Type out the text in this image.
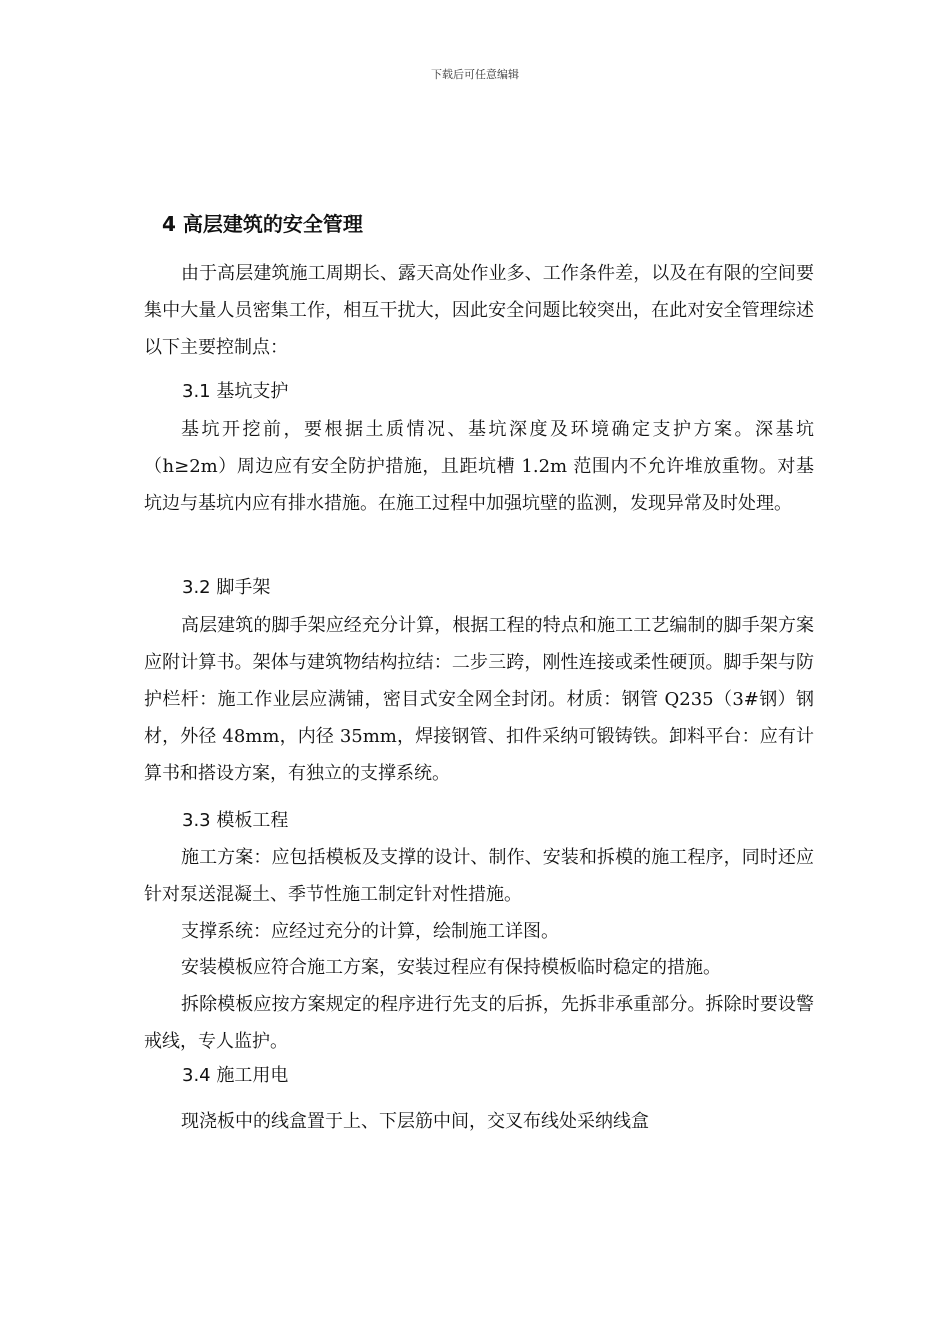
下载后可任意编辑
4 高层建筑的安全管理
由于高层建筑施工周期长、露天高处作业多、工作条件差，以及在有限的空间要集中大量人员密集工作，相互干扰大，因此安全问题比较突出，在此对安全管理综述以下主要控制点：
3.1 基坑支护
基坑开挖前，要根据土质情况、基坑深度及环境确定支护方案。深基坑（h≥2m）周边应有安全防护措施，且距坑槽 1.2m 范围内不允许堆放重物。对基坑边与基坑内应有排水措施。在施工过程中加强坑壁的监测，发现异常及时处理。
3.2 脚手架
高层建筑的脚手架应经充分计算，根据工程的特点和施工工艺编制的脚手架方案应附计算书。架体与建筑物结构拉结：二步三跨，刚性连接或柔性硬顶。脚手架与防护栏杆：施工作业层应满铺，密目式安全网全封闭。材质：钢管 Q235（3#钢）钢材，外径 48mm，内径 35mm，焊接钢管、扣件采纳可锻铸铁。卸料平台：应有计算书和搭设方案，有独立的支撑系统。
3.3 模板工程
施工方案：应包括模板及支撑的设计、制作、安装和拆模的施工程序，同时还应针对泵送混凝土、季节性施工制定针对性措施。
支撑系统：应经过充分的计算，绘制施工详图。
安装模板应符合施工方案，安装过程应有保持模板临时稳定的措施。
拆除模板应按方案规定的程序进行先支的后拆，先拆非承重部分。拆除时要设警戒线，专人监护。
3.4 施工用电
现浇板中的线盒置于上、下层筋中间，交叉布线处采纳线盒
